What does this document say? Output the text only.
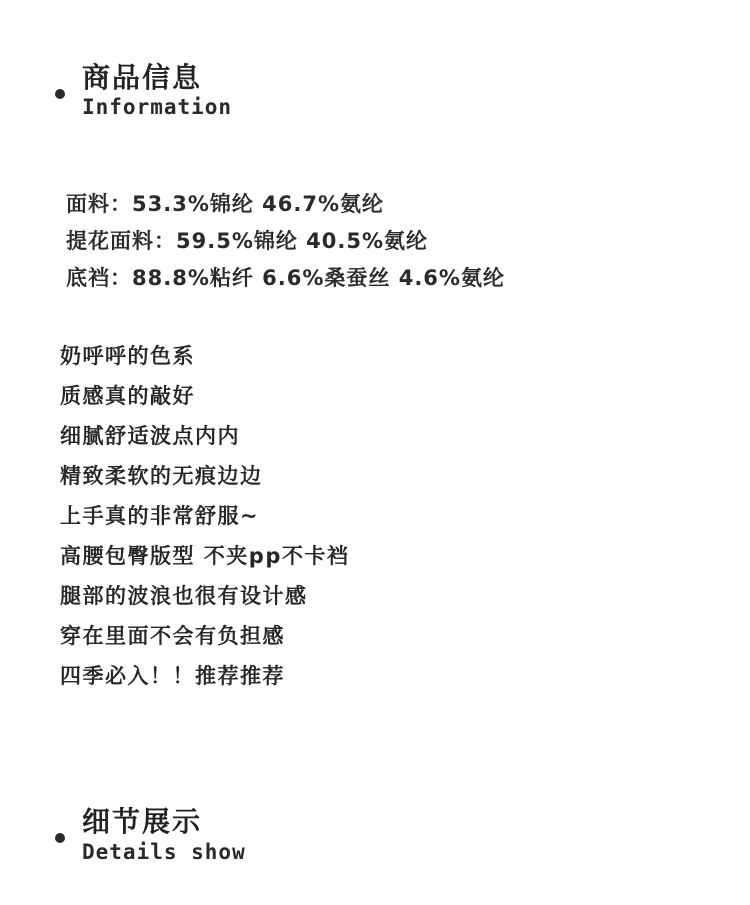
商品信息
Information
面料：53.3%锦纶 46.7%氨纶
提花面料：59.5%锦纶 40.5%氨纶
底裆：88.8%粘纤 6.6%桑蚕丝 4.6%氨纶
奶呼呼的色系
质感真的敲好
细腻舒适波点内内
精致柔软的无痕边边
上手真的非常舒服~
高腰包臀版型 不夹pp不卡裆
腿部的波浪也很有设计感
穿在里面不会有负担感
四季必入！！推荐推荐
细节展示
Details show
